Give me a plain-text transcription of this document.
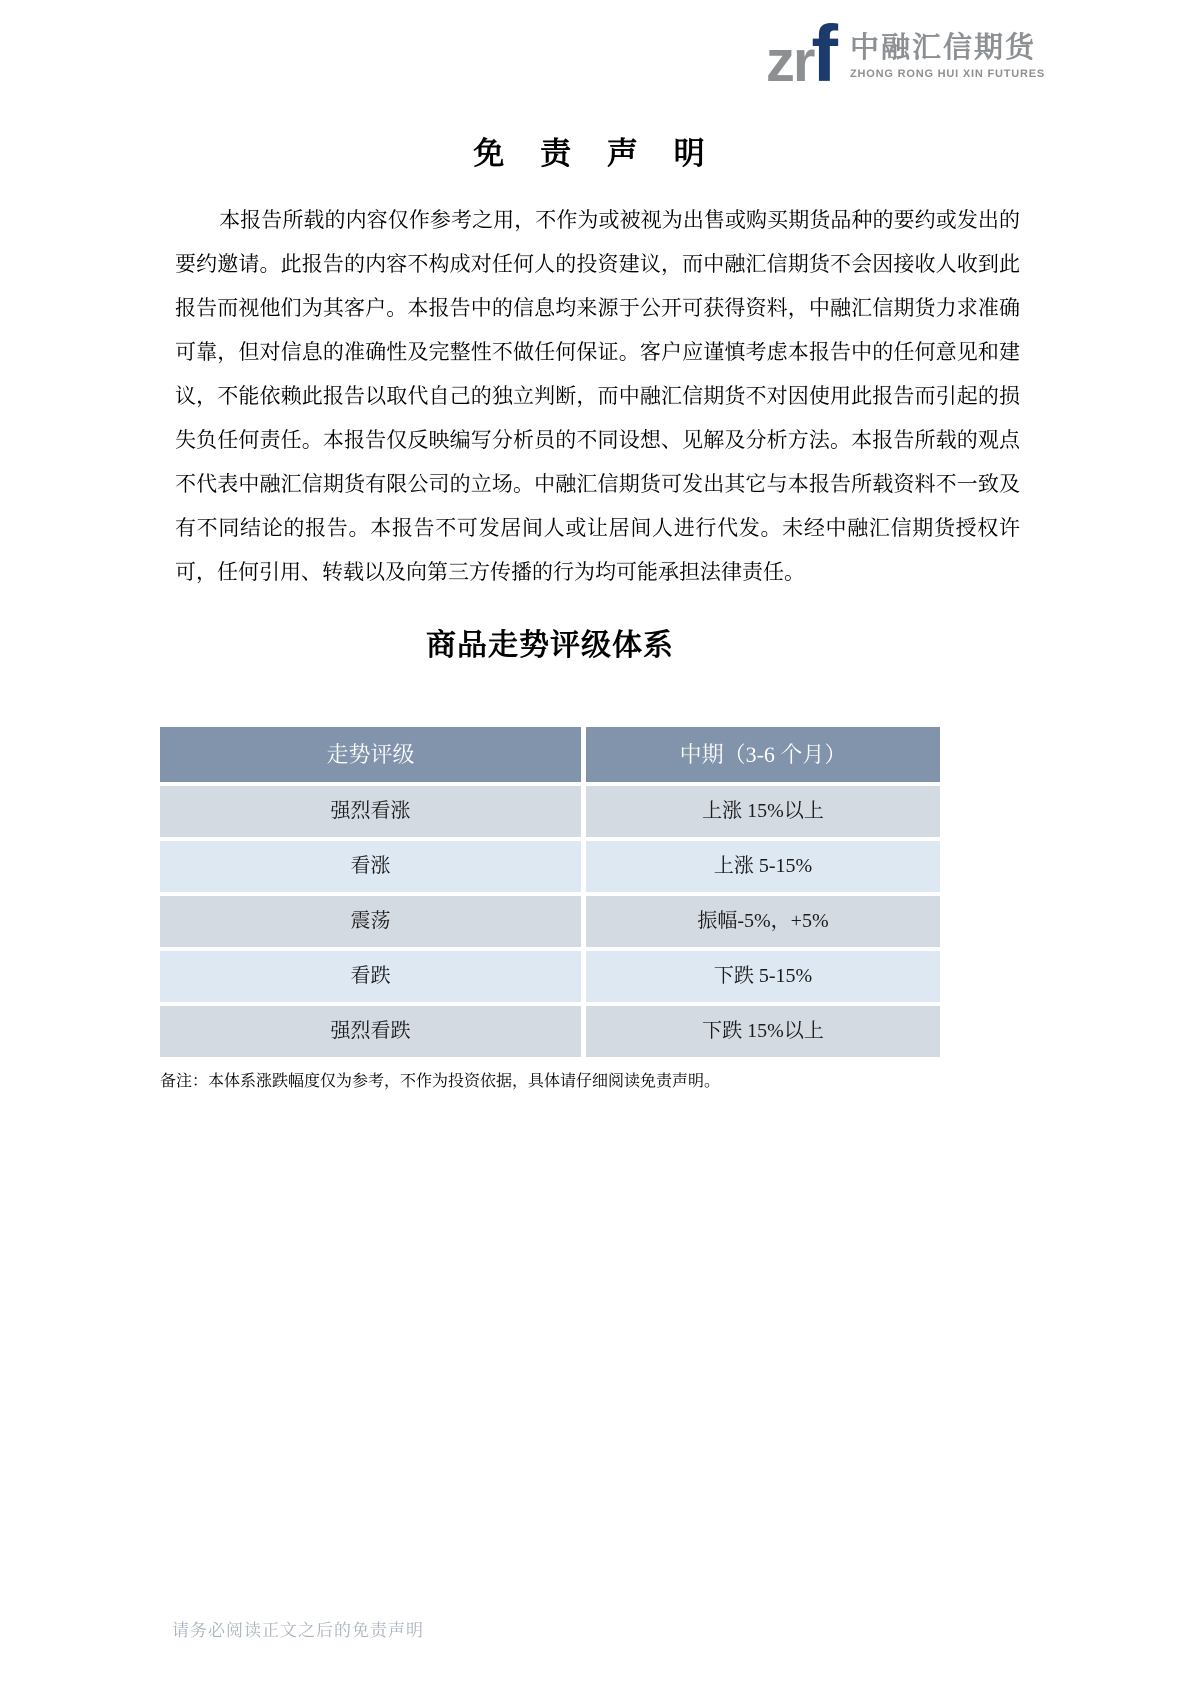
zrf 中融汇信期货
ZHONG RONG HUI XIN FUTURES
免 责 声 明

本报告所载的内容仅作参考之用，不作为或被视为出售或购买期货品种的要约或发出的要约邀请。此报告的内容不构成对任何人的投资建议，而中融汇信期货不会因接收人收到此报告而视他们为其客户。本报告中的信息均来源于公开可获得资料，中融汇信期货力求准确可靠，但对信息的准确性及完整性不做任何保证。客户应谨慎考虑本报告中的任何意见和建议，不能依赖此报告以取代自己的独立判断，而中融汇信期货不对因使用此报告而引起的损失负任何责任。本报告仅反映编写分析员的不同设想、见解及分析方法。本报告所载的观点不代表中融汇信期货有限公司的立场。中融汇信期货可发出其它与本报告所载资料不一致及有不同结论的报告。本报告不可发居间人或让居间人进行代发。未经中融汇信期货授权许可，任何引用、转载以及向第三方传播的行为均可能承担法律责任。

商品走势评级体系
走势评级	中期（3-6 个月）
强烈看涨	上涨 15%以上
看涨	上涨 5-15%
震荡	振幅-5%，+5%
看跌	下跌 5-15%
强烈看跌	下跌 15%以上

备注：本体系涨跌幅度仅为参考，不作为投资依据，具体请仔细阅读免责声明。

请务必阅读正文之后的免责声明
